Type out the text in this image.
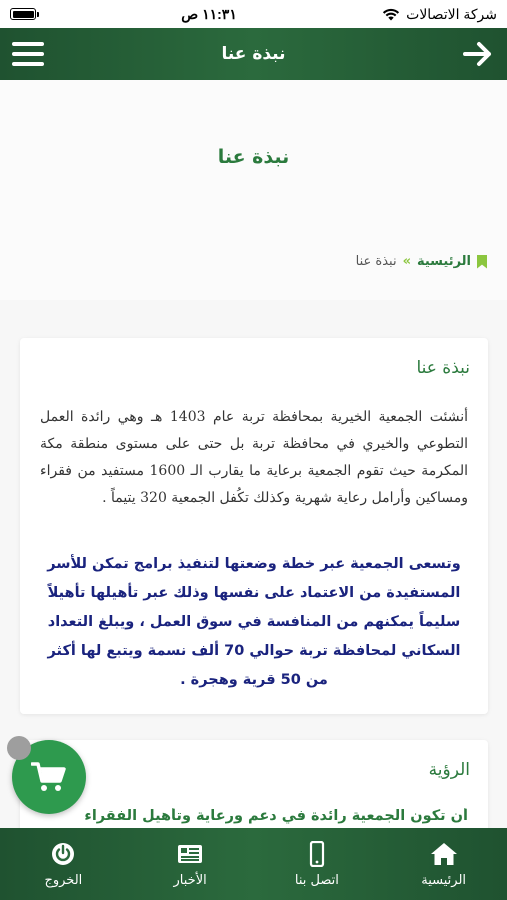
١١:٣١ ص	شركة الاتصالات
نبذة عنا
نبذة عنا
نبذة عنا » الرئيسية
نبذة عنا
أنشئت الجمعية الخيرية بمحافظة تربة عام 1403 هـ وهي رائدة العمل التطوعي والخيري في محافظة تربة بل حتى على مستوى منطقة مكة المكرمة حيث تقوم الجمعية برعاية ما يقارب الـ 1600 مستفيد من فقراء ومساكين وأرامل رعاية شهرية وكذلك تكُفل الجمعية 320 يتيماً .
وتسعى الجمعية عبر خطة وضعتها لتنفيذ برامج تمكن للأسر المستفيدة من الاعتماد على نفسها وذلك عبر تأهيلها تأهيلاً سليماً يمكنهم من المنافسة في سوق العمل ، ويبلغ التعداد السكاني لمحافظة تربة حوالي 70 ألف نسمة ويتبع لها أكثر من 50 قرية وهجرة .
الرؤية
أن تكون الجمعية رائدة في دعم ورعاية وتأهيل الفقراء
الرئيسية
اتصل بنا
الأخبار
الخروج
